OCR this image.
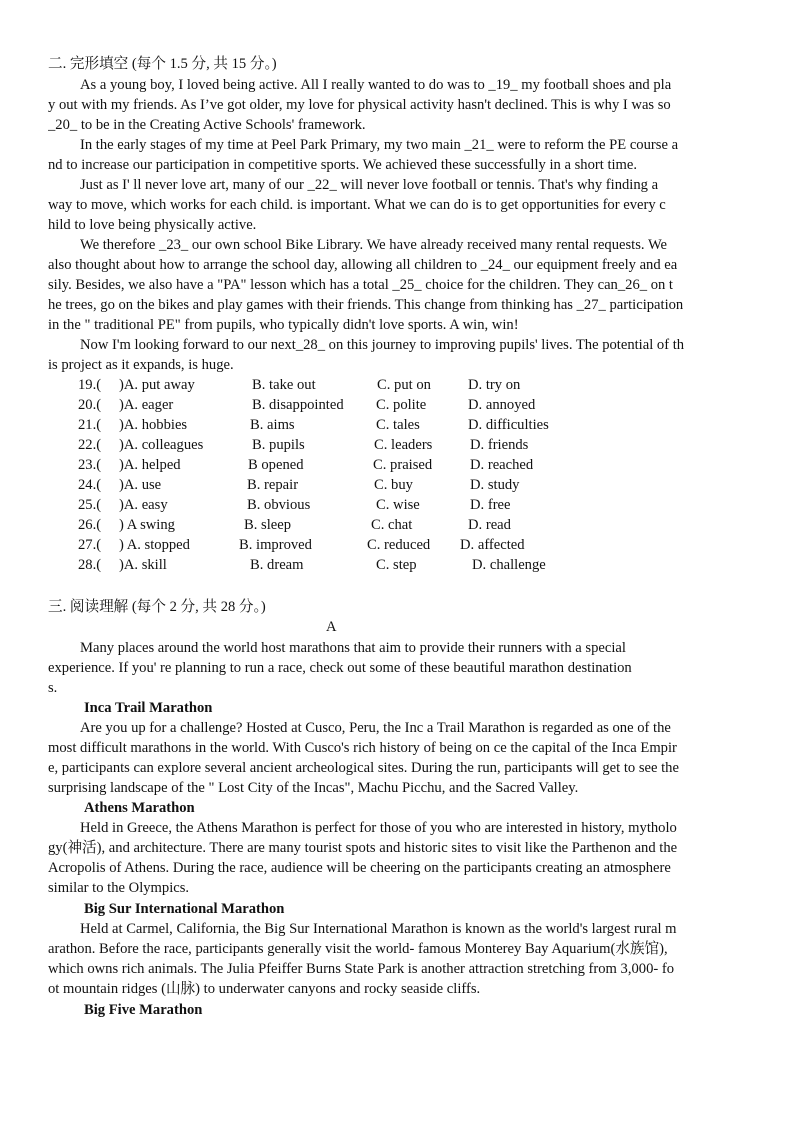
二. 完形填空 (每个 1.5 分, 共 15 分。)
As a young boy, I loved being active. All I really wanted to do was to _19_ my football shoes and pla
y out with my friends. As I’ve got older, my love for physical activity hasn't declined. This is why I was so
_20_ to be in the Creating Active Schools' framework.
In the early stages of my time at Peel Park Primary, my two main _21_ were to reform the PE course a
nd to increase our participation in competitive sports. We achieved these successfully in a short time.
Just as I' ll never love art, many of our _22_ will never love football or tennis. That's why finding a
way to move, which works for each child. is important. What we can do is to get opportunities for every c
hild to love being physically active.
We therefore _23_ our own school Bike Library. We have already received many rental requests. We
also thought about how to arrange the school day, allowing all children to _24_ our equipment freely and ea
sily. Besides, we also have a "PA" lesson which has a total _25_ choice for the children. They can_26_ on t
he trees, go on the bikes and play games with their friends. This change from thinking has _27_ participation
in the " traditional PE" from pupils, who typically didn't love sports. A win, win!
Now I'm looking forward to our next_28_ on this journey to improving pupils' lives. The potential of th
is project as it expands, is huge.
19.( )A. put away	B. take out	C. put on	D. try on
20.( )A. eager	B. disappointed C. polite	D. annoyed
21.( )A. hobbies	B. aims	C. tales	D. difficulties
22.( )A. colleagues	B. pupils	C. leaders	D. friends
23.( )A. helped	B opened	C. praised	D. reached
24.( )A. use	B. repair	C. buy	D. study
25.( )A. easy	B. obvious	C. wise	D. free
26.( ) A swing	B. sleep	C. chat	D. read
27.( ) A. stopped	B. improved	C. reduced D. affected
28.( )A. skill	B. dream	C. step	D. challenge
三. 阅读理解 (每个 2 分, 共 28 分。)
A
Many places around the world host marathons that aim to provide their runners with a special
experience. If you' re planning to run a race, check out some of these beautiful marathon destination
s.
Inca Trail Marathon
Are you up for a challenge? Hosted at Cusco, Peru, the Inc a Trail Marathon is regarded as one of the
most difficult marathons in the world. With Cusco's rich history of being on ce the capital of the Inca Empir
e, participants can explore several ancient archeological sites. During the run, participants will get to see the
surprising landscape of the " Lost City of the Incas", Machu Picchu, and the Sacred Valley.
Athens Marathon
Held in Greece, the Athens Marathon is perfect for those of you who are interested in history, mytholo
gy(神活), and architecture. There are many tourist spots and historic sites to visit like the Parthenon and the
Acropolis of Athens. During the race, audience will be cheering on the participants creating an atmosphere
similar to the Olympics.
Big Sur International Marathon
Held at Carmel, California, the Big Sur International Marathon is known as the world's largest rural m
arathon. Before the race, participants generally visit the world- famous Monterey Bay Aquarium(水族馆),
which owns rich animals. The Julia Pfeiffer Burns State Park is another attraction stretching from 3,000- fo
ot mountain ridges (山脉) to underwater canyons and rocky seaside cliffs.
Big Five Marathon
